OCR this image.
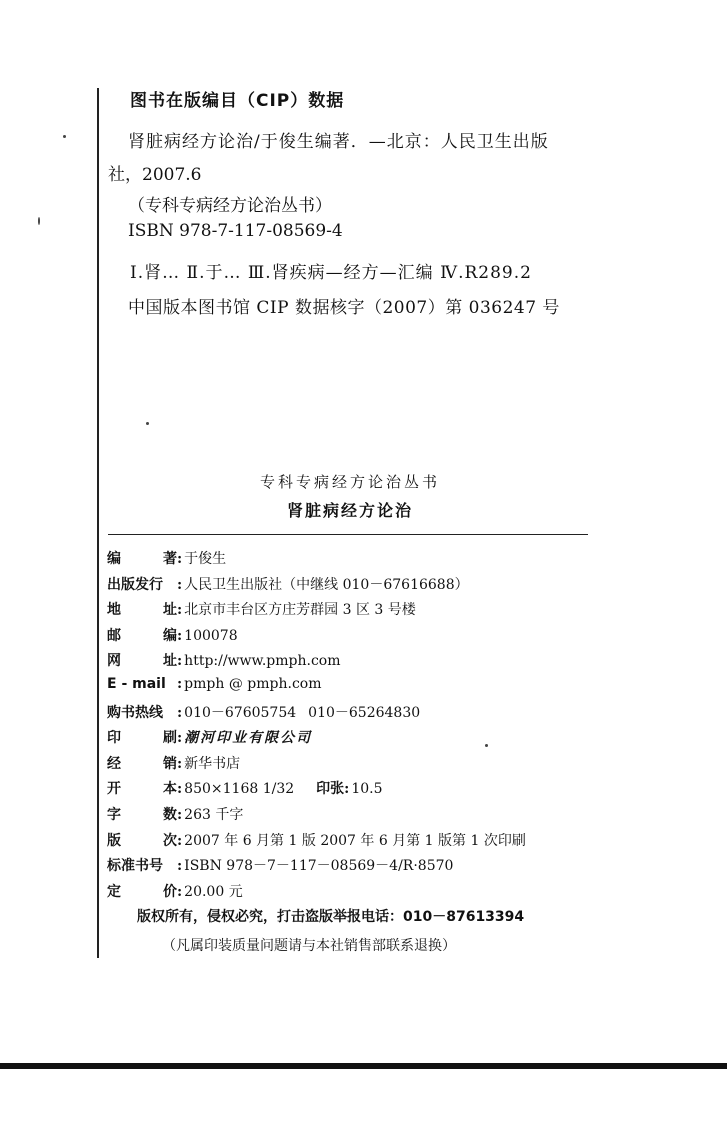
图书在版编目（CIP）数据
肾脏病经方论治/于俊生编著．—北京：人民卫生出版
社，2007.6
（专科专病经方论治丛书）
ISBN 978-7-117-08569-4
Ⅰ.肾… Ⅱ.于… Ⅲ.肾疾病—经方—汇编 Ⅳ.R289.2
中国版本图书馆 CIP 数据核字（2007）第 036247 号
专科专病经方论治丛书
肾脏病经方论治
编	著 : 于俊生
出版发行	: 人民卫生出版社（中继线 010－67616688）
地	址 : 北京市丰台区方庄芳群园 3 区 3 号楼
邮	编 : 100078
网	址 : http://www.pmph.com
E - mail : pmph @ pmph.com
购书热线	: 010－67605754 010－65264830
印	刷 : 潮河印业有限公司
经	销 : 新华书店
开	本 : 850×1168 1/32 印张 : 10.5
字	数 : 263 千字
版	次 : 2007 年 6 月第 1 版 2007 年 6 月第 1 版第 1 次印刷
标准书号	: ISBN 978－7－117－08569－4/R·8570
定	价 : 20.00 元
版权所有，侵权必究，打击盗版举报电话：010－87613394
（凡属印装质量问题请与本社销售部联系退换）
